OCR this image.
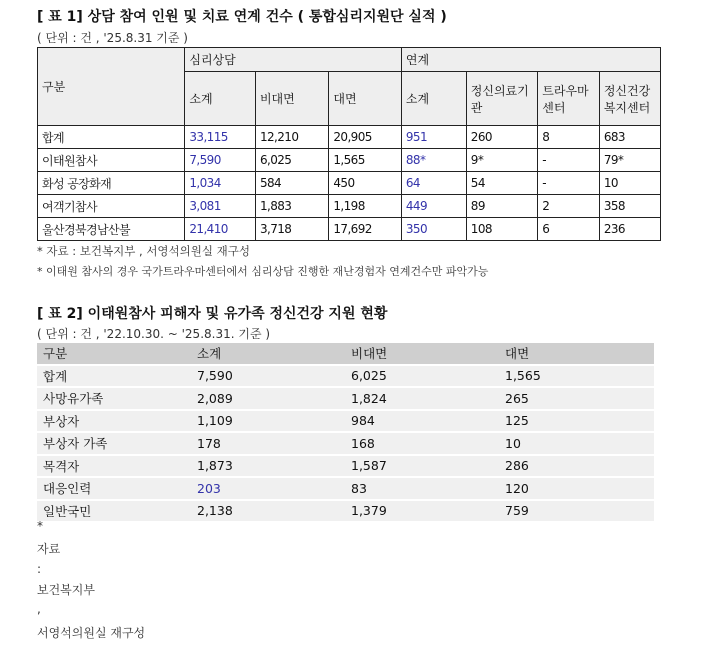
[ 표 1] 상담 참여 인원 및 치료 연계 건수 ( 통합심리지원단 실적 )
( 단위 : 건 , '25.8.31 기준 )
구분	심리상담			연계			
	소계	비대면	대면	소계	정신의료기관	트라우마센터	정신건강복지센터
합계	33,115	12,210	20,905	951	260	8	683
이태원참사	7,590	6,025	1,565	88*	9*	-	79*
화성 공장화재	1,034	584	450	64	54	-	10
여객기참사	3,081	1,883	1,198	449	89	2	358
울산경북경남산불	21,410	3,718	17,692	350	108	6	236
* 자료 : 보건복지부 , 서영석의원실 재구성
* 이태원 참사의 경우 국가트라우마센터에서 심리상담 진행한 재난경험자 연계건수만 파악가능
[ 표 2] 이태원참사 피해자 및 유가족 정신건강 지원 현황
( 단위 : 건 , '22.10.30. ~ '25.8.31. 기준 )
구분	소계	비대면	대면
합계	7,590	6,025	1,565
사망유가족	2,089	1,824	265
부상자	1,109	984	125
부상자 가족	178	168	10
목격자	1,873	1,587	286
대응인력	203	83	120
일반국민	2,138	1,379	759
*
자료
:
보건복지부
,
서영석의원실 재구성
